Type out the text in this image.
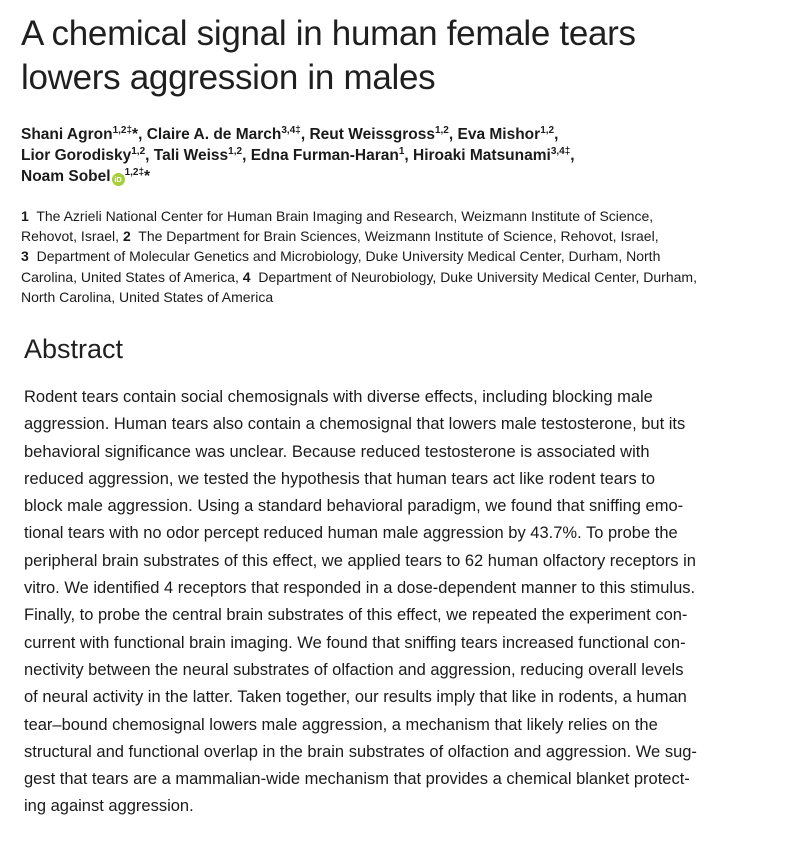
A chemical signal in human female tears
lowers aggression in males
Shani Agron$^{1,2\ddagger}$*, Claire A. de March$^{3,4\ddagger}$, Reut Weissgross$^{1,2}$, Eva Mishor$^{1,2}$,
Lior Gorodisky$^{1,2}$, Tali Weiss$^{1,2}$, Edna Furman-Haran$^1$, Hiroaki Matsunami$^{3,4\ddagger}$,
Noam Sobel $iD^{1,2\ddagger}*$
1 The Azrieli National Center for Human Brain Imaging and Research, Weizmann Institute of Science,
Rehovot, Israel, 2 The Department for Brain Sciences, Weizmann Institute of Science, Rehovot, Israel,
3 Department of Molecular Genetics and Microbiology, Duke University Medical Center, Durham, North
Carolina, United States of America, 4 Department of Neurobiology, Duke University Medical Center, Durham,
North Carolina, United States of America
Abstract
Rodent tears contain social chemosignals with diverse effects, including blocking male
aggression. Human tears also contain a chemosignal that lowers male testosterone, but its
behavioral significance was unclear. Because reduced testosterone is associated with
reduced aggression, we tested the hypothesis that human tears act like rodent tears to
block male aggression. Using a standard behavioral paradigm, we found that sniffing emo-
tional tears with no odor percept reduced human male aggression by 43.7%. To probe the
peripheral brain substrates of this effect, we applied tears to 62 human olfactory receptors in
vitro. We identified 4 receptors that responded in a dose-dependent manner to this stimulus.
Finally, to probe the central brain substrates of this effect, we repeated the experiment con-
current with functional brain imaging. We found that sniffing tears increased functional con-
nectivity between the neural substrates of olfaction and aggression, reducing overall levels
of neural activity in the latter. Taken together, our results imply that like in rodents, a human
tear–bound chemosignal lowers male aggression, a mechanism that likely relies on the
structural and functional overlap in the brain substrates of olfaction and aggression. We sug-
gest that tears are a mammalian-wide mechanism that provides a chemical blanket protect-
ing against aggression.
